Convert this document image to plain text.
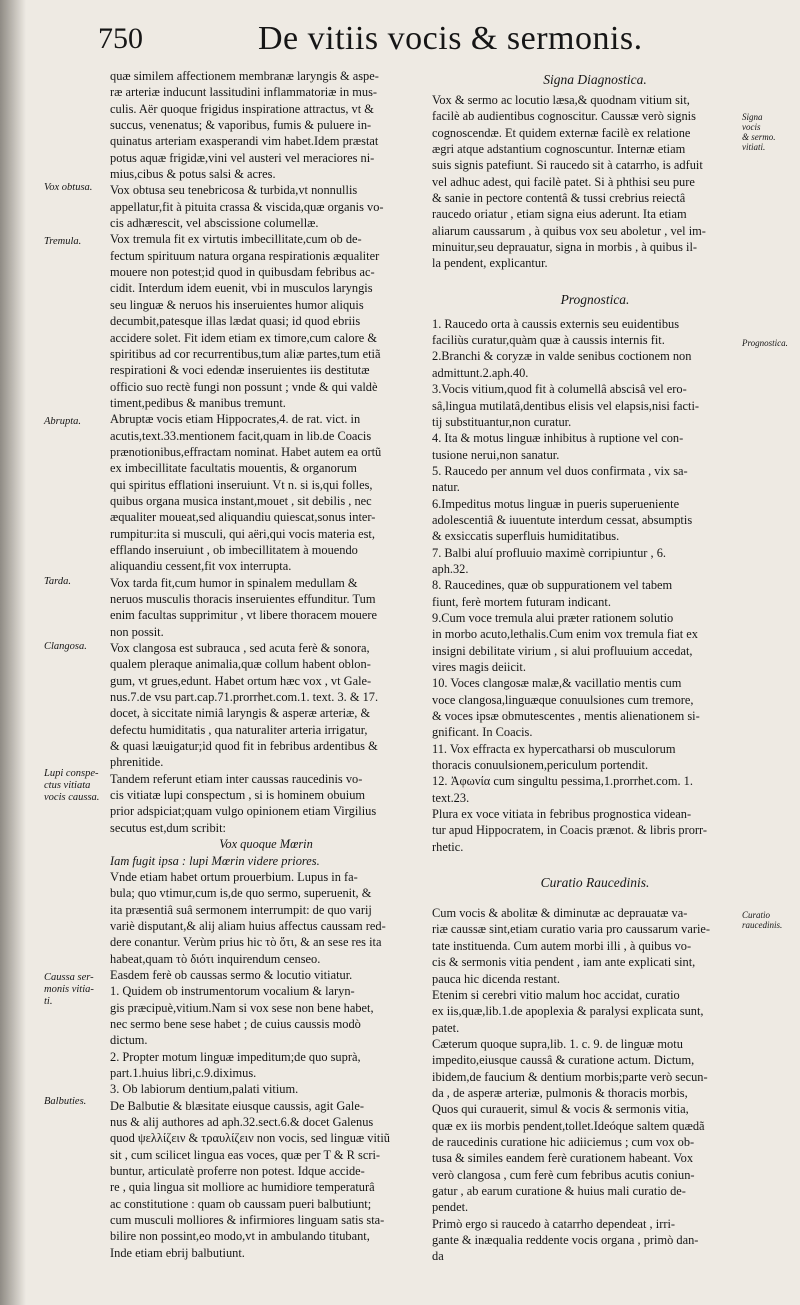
750	De vitiis vocis & sermonis.
quæ similem affectionem membranæ laryngis & aspe-
ræ arteriæ inducunt lassitudini inflammatoriæ in mus-
culis. Aër quoque frigidus inspiratione attractus, vt &
succus, venenatus; & vaporibus, fumis & puluere in-
quinatus arteriam exasperandi vim habet.Idem præstat
potus aquæ frigidæ,vini vel austeri vel meraciores ni-
mius,cibus & potus salsi & acres.
Vox obtusa seu tenebricosa & turbida,vt nonnullis
appellatur,fit à pituita crassa & viscida,quæ organis vo-
cis adhærescit, vel abscissione columellæ.
Vox tremula fit ex virtutis imbecillitate,cum ob de-
fectum spirituum natura organa respirationis æqualiter
mouere non potest;id quod in quibusdam febribus ac-
cidit. Interdum idem euenit, vbi in musculos laryngis
seu linguæ & neruos his inseruientes humor aliquis
decumbit,patesque illas lædat quasi; id quod ebriis
accidere solet. Fit idem etiam ex timore,cum calore &
spiritibus ad cor recurrentibus,tum aliæ partes,tum etiã
respirationi & voci edendæ inseruientes iis destitutæ
officio suo rectè fungi non possunt ; vnde & qui valdè
timent,pedibus & manibus tremunt.
Abruptæ vocis etiam Hippocrates,4. de rat. vict. in
acutis,text.33.mentionem facit,quam in lib.de Coacis
prænotionibus,effractam nominat. Habet autem ea ortũ
ex imbecillitate facultatis mouentis, & organorum
qui spiritus efflationi inseruiunt. Vt n. si is,qui folles,
quibus organa musica instant,mouet , sit debilis , nec
æqualiter moueat,sed aliquandiu quiescat,sonus inter-
rumpitur:ita si musculi, qui aëri,qui vocis materia est,
efflando inseruiunt , ob imbecillitatem à mouendo
aliquandiu cessent,fit vox interrupta.
Vox tarda fit,cum humor in spinalem medullam &
neruos musculis thoracis inseruientes effunditur. Tum
enim facultas supprimitur , vt libere thoracem mouere
non possit.
Vox clangosa est subrauca , sed acuta ferè & sonora,
qualem pleraque animalia,quæ collum habent oblon-
gum, vt grues,edunt. Habet ortum hæc vox , vt Gale-
nus.7.de vsu part.cap.71.prorrhet.com.1. text. 3. & 17.
docet, à siccitate nimiâ laryngis & asperæ arteriæ, &
defectu humiditatis , qua naturaliter arteria irrigatur,
& quasi læuigatur;id quod fit in febribus ardentibus &
phrenitide.
Tandem referunt etiam inter caussas raucedinis vo-
cis vitiatæ lupi conspectum , si is hominem obuium
prior adspiciat;quam vulgo opinionem etiam Virgilius
secutus est,dum scribit:
Vox quoque Mœrin
Iam fugit ipsa : lupi Mœrin videre priores.
Vnde etiam habet ortum prouerbium. Lupus in fa-
bula; quo vtimur,cum is,de quo sermo, superuenit, &
ita præsentiâ suâ sermonem interrumpit: de quo varij
variè disputant,& alij aliam huius affectus caussam red-
dere conantur. Verùm prius hic τὸ ὅτι, & an sese res ita
habeat,quam τὸ διότι inquirendum censeo.
Easdem ferè ob caussas sermo & locutio vitiatur.
1. Quidem ob instrumentorum vocalium & laryn-
gis præcipuè,vitium.Nam si vox sese non bene habet,
nec sermo bene sese habet ; de cuius caussis modò
dictum.
2. Propter motum linguæ impeditum;de quo suprà,
part.1.huius libri,c.9.diximus.
3. Ob labiorum dentium,palati vitium.
De Balbutie & blæsitate eiusque caussis, agit Gale-
nus & alij authores ad aph.32.sect.6.& docet Galenus
quod ψελλίζειν & τραυλίζειν non vocis, sed linguæ vitiũ
sit , cum scilicet lingua eas voces, quæ per T & R scri-
buntur, articulatè proferre non potest. Idque accide-
re , quia lingua sit molliore ac humidiore temperaturâ
ac constitutione : quam ob caussam pueri balbutiunt;
cum musculi molliores & infirmiores linguam satis sta-
bilire non possint,eo modo,vt in ambulando titubant,
Inde etiam ebrij balbutiunt.
Signa Diagnostica.
Vox & sermo ac locutio læsa,& quodnam vitium sit,
facilè ab audientibus cognoscitur. Caussæ verò signis
cognoscendæ. Et quidem externæ facilè ex relatione
ægri atque adstantium cognoscuntur. Internæ etiam
suis signis patefiunt. Si raucedo sit à catarrho, is adfuit
vel adhuc adest, qui facilè patet. Si à phthisi seu pure
& sanie in pectore contentâ & tussi crebrius reiectâ
raucedo oriatur , etiam signa eius aderunt. Ita etiam
aliarum caussarum , à quibus vox seu aboletur , vel im-
minuitur,seu deprauatur, signa in morbis , à quibus il-
la pendent, explicantur.
Prognostica.
1. Raucedo orta à caussis externis seu euidentibus
faciliùs curatur,quàm quæ à caussis internis fit.
2.Branchi & coryzæ in valde senibus coctionem non
admittunt.2.aph.40.
3.Vocis vitium,quod fit à columellâ abscisâ vel ero-
sâ,lingua mutilatâ,dentibus elisis vel elapsis,nisi facti-
tij substituantur,non curatur.
4. Ita & motus linguæ inhibitus à ruptione vel con-
tusione nerui,non sanatur.
5. Raucedo per annum vel duos confirmata , vix sa-
natur.
6.Impeditus motus linguæ in pueris superueniente
adolescentiâ & iuuentute interdum cessat, absumptis
& exsiccatis superfluis humiditatibus.
7. Balbi aluí profluuio maximè corripiuntur , 6.
aph.32.
8. Raucedines, quæ ob suppurationem vel tabem
fiunt, ferè mortem futuram indicant.
9.Cum voce tremula alui præter rationem solutio
in morbo acuto,lethalis.Cum enim vox tremula fiat ex
insigni debilitate virium , si alui profluuium accedat,
vires magis deiicit.
10. Voces clangosæ malæ,& vacillatio mentis cum
voce clangosa,linguæque conuulsiones cum tremore,
& voces ipsæ obmutescentes , mentis alienationem si-
gnificant. In Coacis.
11. Vox effracta ex hypercatharsi ob musculorum
thoracis conuulsionem,periculum portendit.
12. Ἀφωνία cum singultu pessima,1.prorrhet.com. 1.
text.23.
Plura ex voce vitiata in febribus prognostica videan-
tur apud Hippocratem, in Coacis prænot. & libris prorr-
rhetic.
Curatio Raucedinis.
Cum vocis & abolitæ & diminutæ ac deprauatæ va-
riæ caussæ sint,etiam curatio varia pro caussarum varie-
tate instituenda. Cum autem morbi illi , à quibus vo-
cis & sermonis vitia pendent , iam ante explicati sint,
pauca hic dicenda restant.
Etenim si cerebri vitio malum hoc accidat, curatio
ex iis,quæ,lib.1.de apoplexia & paralysi explicata sunt,
patet.
Cæterum quoque supra,lib. 1. c. 9. de linguæ motu
impedito,eiusque caussâ & curatione actum. Dictum,
ibidem,de faucium & dentium morbis;parte verò secun-
da , de asperæ arteriæ, pulmonis & thoracis morbis,
Quos qui curauerit, simul & vocis & sermonis vitia,
quæ ex iis morbis pendent,tollet.Ideóque saltem quædã
de raucedinis curatione hic adiiciemus ; cum vox ob-
tusa & similes eandem ferè curationem habeant. Vox
verò clangosa , cum ferè cum febribus acutis coniun-
gatur , ab earum curatione & huius mali curatio de-
pendet.
Primò ergo si raucedo à catarrho dependeat , irri-
gante & inæqualia reddente vocis organa , primò dan-
da
Vox obtusa.
Tremula.
Abrupta.
Tarda.
Clangosa.
Lupi conspe-
ctus vitiata
vocis caussa.
Caussa ser-
monis vitia-
ti.
Balbuties.
Signa
vocis
& sermo.
vitiati.
Prognostica.
Curatio
raucedinis.
